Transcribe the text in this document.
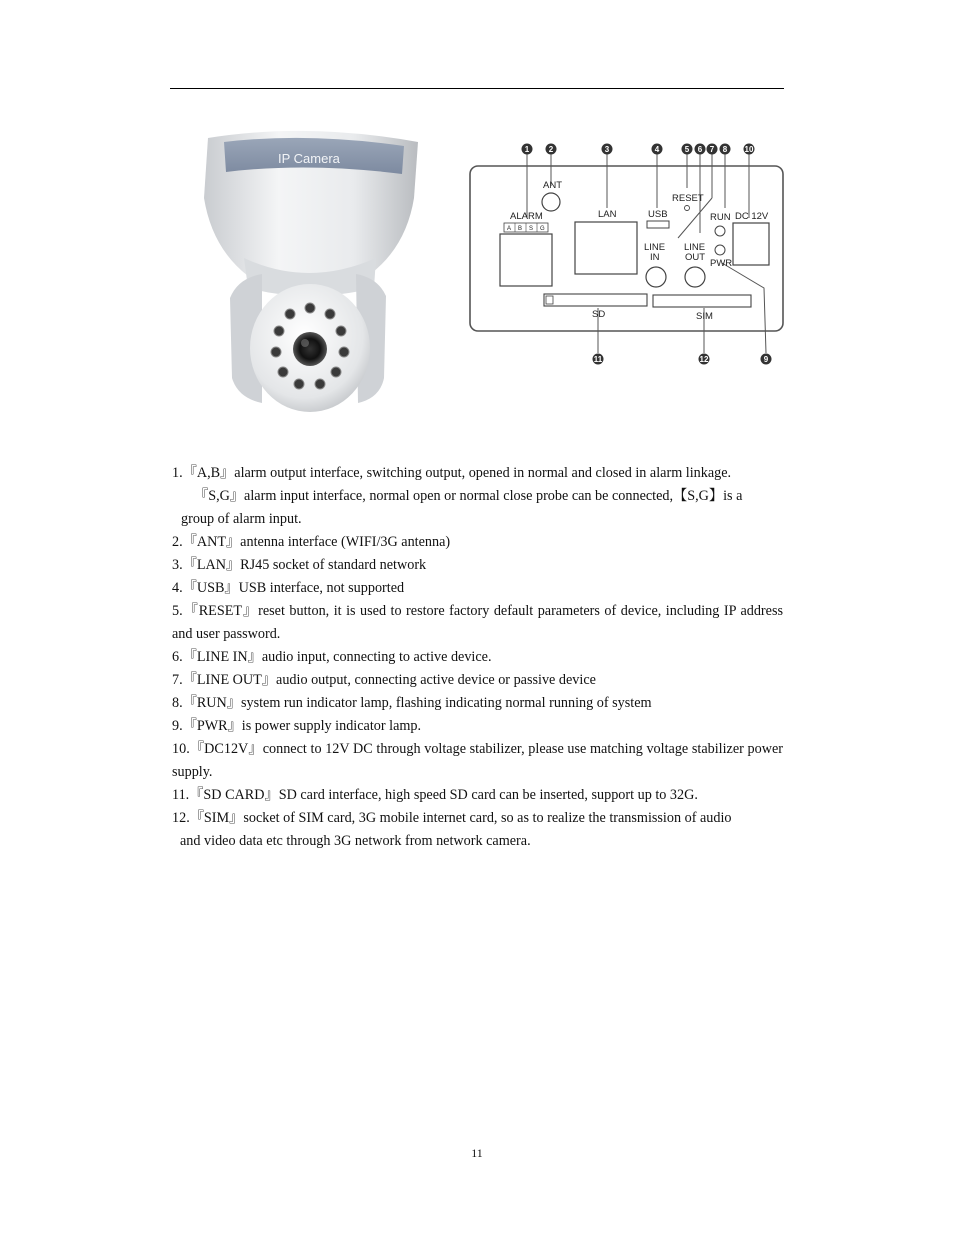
IP Camera
1 2	3	4	5 6 7 8 10
11	12	9
ANT
ALARM
A B S G
LAN	USB
RESET
LINE
IN
LINE
OUT
RUN
PWR
DC 12V
SD	SIM

1.『A,B』alarm output interface, switching output, opened in normal and closed in alarm linkage.
『S,G』alarm input interface, normal open or normal close probe can be connected,【S,G】is a
group of alarm input.

2.『ANT』antenna interface (WIFI/3G antenna)

3.『LAN』RJ45 socket of standard network

4.『USB』USB interface, not supported

5.『RESET』reset button, it is used to restore factory default parameters of device, including IP address and user password.

6.『LINE IN』audio input, connecting to active device.

7.『LINE OUT』audio output, connecting active device or passive device

8.『RUN』system run indicator lamp, flashing indicating normal running of system

9.『PWR』is power supply indicator lamp.

10.『DC12V』connect to 12V DC through voltage stabilizer, please use matching voltage stabilizer power supply.

11.『SD CARD』SD card interface, high speed SD card can be inserted, support up to 32G.

12.『SIM』socket of SIM card, 3G mobile internet card, so as to realize the transmission of audio
and video data etc through 3G network from network camera.

11
